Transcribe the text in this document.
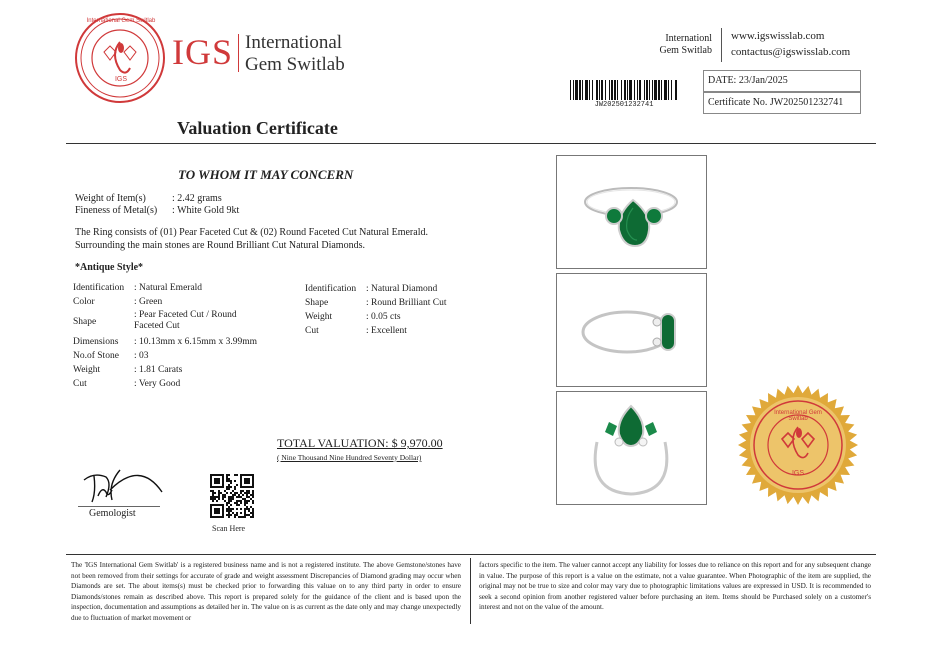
International Gem Switlab
IGS
IGS International
Gem Switlab
Internationl
Gem Switlab
www.igswisslab.com
contactus@igswisslab.com
JW202501232741
DATE: 23/Jan/2025
Certificate No. JW202501232741
Valuation Certificate
TO WHOM IT MAY CONCERN
Weight of Item(s)	: 2.42 grams
Fineness of Metal(s) : White Gold 9kt
The Ring consists of (01) Pear Faceted Cut & (02) Round Faceted Cut Natural Emerald. Surrounding the main stones are Round Brilliant Cut Natural Diamonds.
*Antique Style*
Identification : Natural Emerald
Color	: Green
Shape
: Pear Faceted Cut / Round Faceted Cut
Dimensions : 10.13mm x 6.15mm x 3.99mm
No.of Stone : 03
Weight	: 1.81 Carats
Cut	: Very Good
Identification : Natural Diamond
Shape	: Round Brilliant Cut
Weight	: 0.05 cts
Cut	: Excellent
TOTAL VALUATION: $ 9,970.00
( Nine Thousand Nine Hundred Seventy Dollar)
Gemologist
Scan Here
International Gem Switlab
IGS
The 'IGS International Gem Switlab' is a registered business name and is not a registered institute. The above Gemstone/stones have not been removed from their settings for accurate of grade and weight assessment Discrepancies of Diamond grading may occur when Diamonds are set. The about items(s) must be checked prior to forwarding this valuae on to any third party in order to ensure Diamonds/stones remain as described above. This report is prepared solely for the guidance of the client and is based upon the inspection, documentation and assumptions as detailed her in. The value on is as current as the date only and may change unexpectedly due to fluctuation of market movement or
factors specific to the item. The valuer cannot accept any liability for losses due to reliance on this report and for any subsequent change in value. The purpose of this report is a value on the estimate, not a value guarantee. When Photographic of the item are supplied, the original may not be true to size and color may vary due to photographic limitations values are expressed in USD. It is recommended to seek a second opinion from another registered valuer before purchasing an item. Items should be Purchased solely on a customer's interest and not on the value of the amount.
